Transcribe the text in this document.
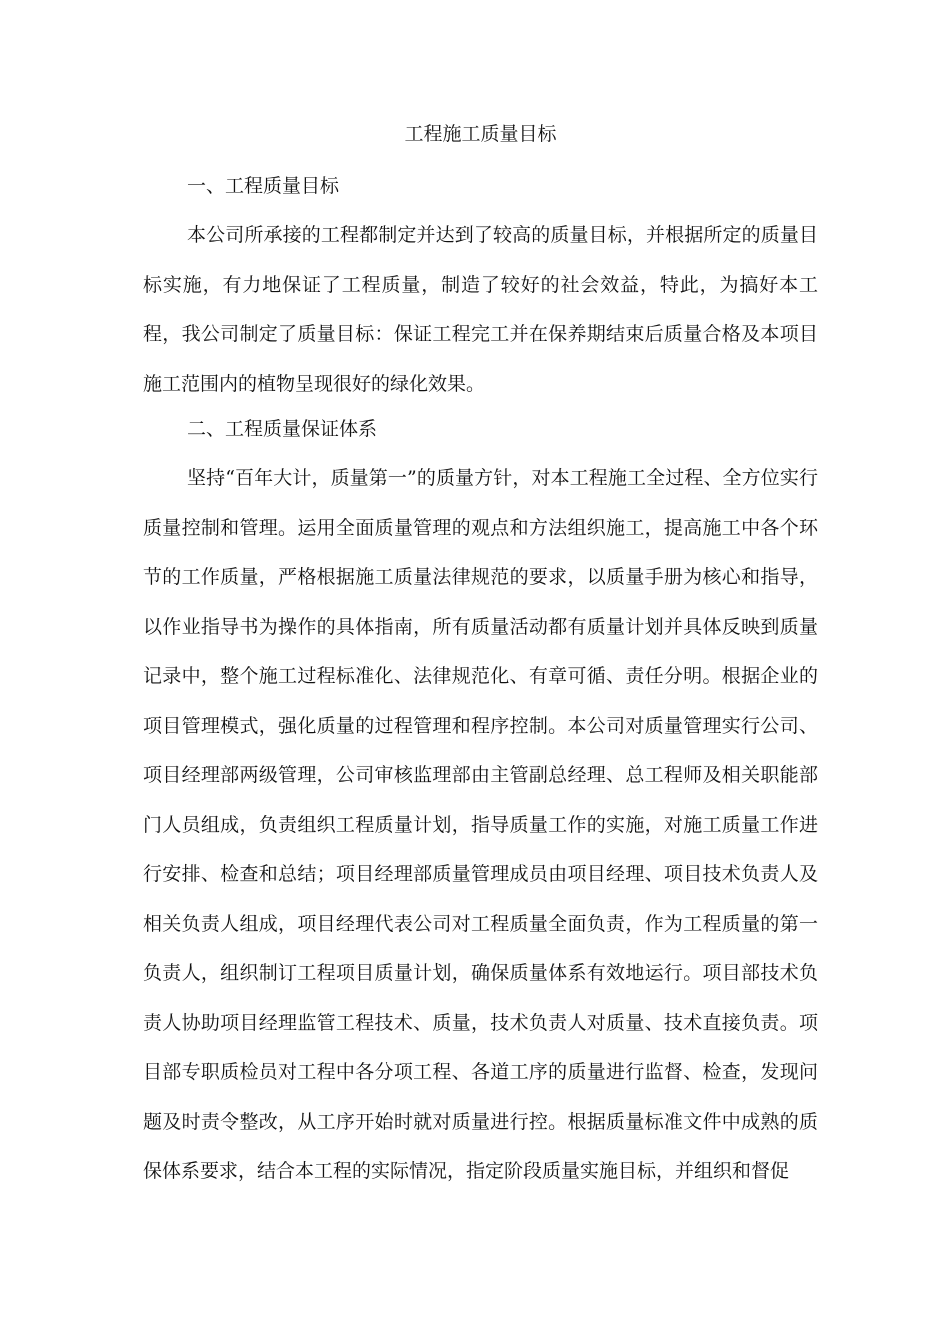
工程施工质量目标
一、工程质量目标

本公司所承接的工程都制定并达到了较高的质量目标，并根据所定的质量目标实施，有力地保证了工程质量，制造了较好的社会效益，特此，为搞好本工程，我公司制定了质量目标：保证工程完工并在保养期结束后质量合格及本项目施工范围内的植物呈现很好的绿化效果。

二、工程质量保证体系

坚持“百年大计，质量第一”的质量方针，对本工程施工全过程、全方位实行质量控制和管理。运用全面质量管理的观点和方法组织施工，提高施工中各个环节的工作质量，严格根据施工质量法律规范的要求，以质量手册为核心和指导，以作业指导书为操作的具体指南，所有质量活动都有质量计划并具体反映到质量记录中，整个施工过程标准化、法律规范化、有章可循、责任分明。根据企业的项目管理模式，强化质量的过程管理和程序控制。本公司对质量管理实行公司、项目经理部两级管理，公司审核监理部由主管副总经理、总工程师及相关职能部门人员组成，负责组织工程质量计划，指导质量工作的实施，对施工质量工作进行安排、检查和总结；项目经理部质量管理成员由项目经理、项目技术负责人及相关负责人组成，项目经理代表公司对工程质量全面负责，作为工程质量的第一负责人，组织制订工程项目质量计划，确保质量体系有效地运行。项目部技术负责人协助项目经理监管工程技术、质量，技术负责人对质量、技术直接负责。项目部专职质检员对工程中各分项工程、各道工序的质量进行监督、检查，发现问题及时责令整改，从工序开始时就对质量进行控。根据质量标准文件中成熟的质保体系要求，结合本工程的实际情况，指定阶段质量实施目标，并组织和督促
